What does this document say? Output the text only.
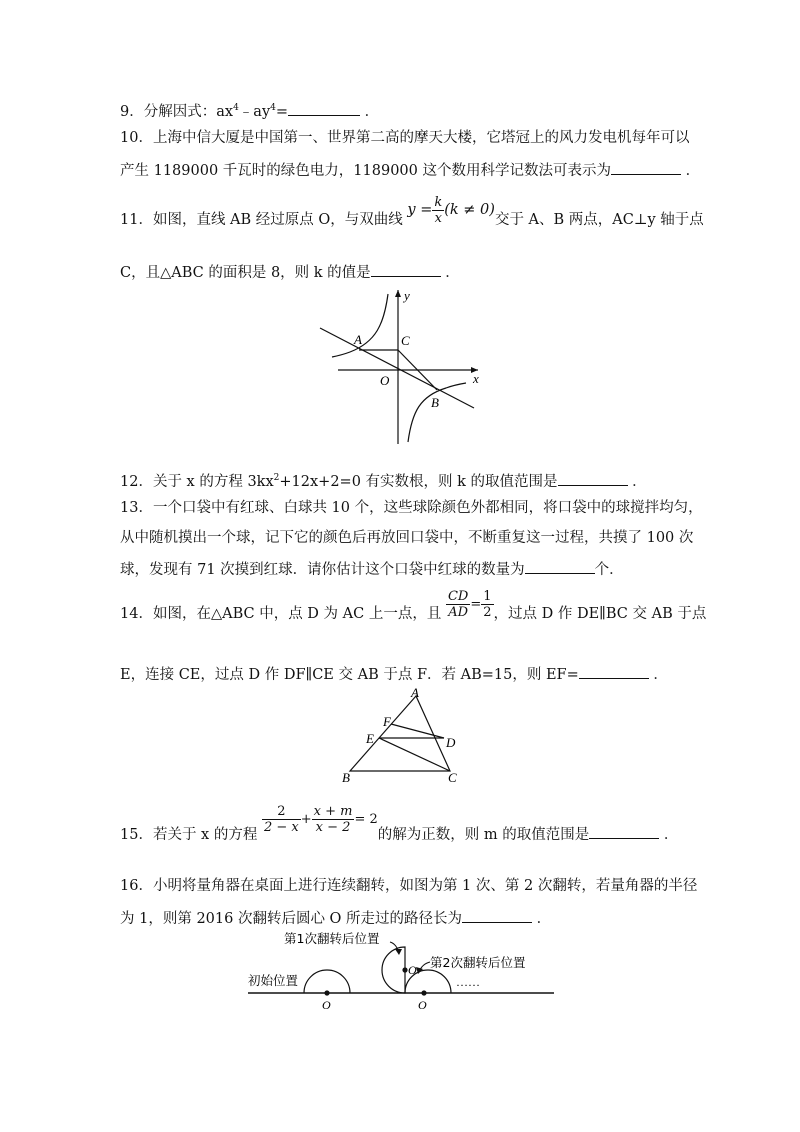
9．分解因式：$ax^4﹣ay^4=$	．
10．上海中信大厦是中国第一、世界第二高的摩天大楼，它塔冠上的风力发电机每年可以
产生 1189000 千瓦时的绿色电力，1189000 这个数用科学记数法可表示为	．
11．如图，直线 AB 经过原点 O，与双曲线 $y = \frac{k}{x} (k \ne 0)$交于 A、B 两点，AC⊥y 轴于点
C，且△ABC 的面积是 8，则 k 的值是	．
A	C
O
B
x
y
12．关于 x 的方程 $3kx^2+12x+2=0$ 有实数根，则 k 的取值范围是	．
13．一个口袋中有红球、白球共 10 个，这些球除颜色外都相同，将口袋中的球搅拌均匀，
从中随机摸出一个球，记下它的颜色后再放回口袋中，不断重复这一过程，共摸了 100 次
球，发现有 71 次摸到红球．请你估计这个口袋中红球的数量为	个．
14．如图，在△ABC 中，点 D 为 AC 上一点，且 $\frac{CD}{AD} = \frac{1}{2}$ ，过点 D 作 DE∥BC 交 AB 于点
E，连接 CE，过点 D 作 DF∥CE 交 AB 于点 F．若 AB=15，则 EF=	．
A
F
E	D
B	C
15．若关于 x 的方程
$\frac{2}{2 - x} + \frac{x + m}{x - 2} = 2$的解为正数，则 m 的取值范围是	．
16．小明将量角器在桌面上进行连续翻转，如图为第 1 次、第 2 次翻转，若量角器的半径
为 1，则第 2016 次翻转后圆心 O 所走过的路径长为	．
初始位置
O
O
第1次翻转后位置
O
第2次翻转后位置
……
